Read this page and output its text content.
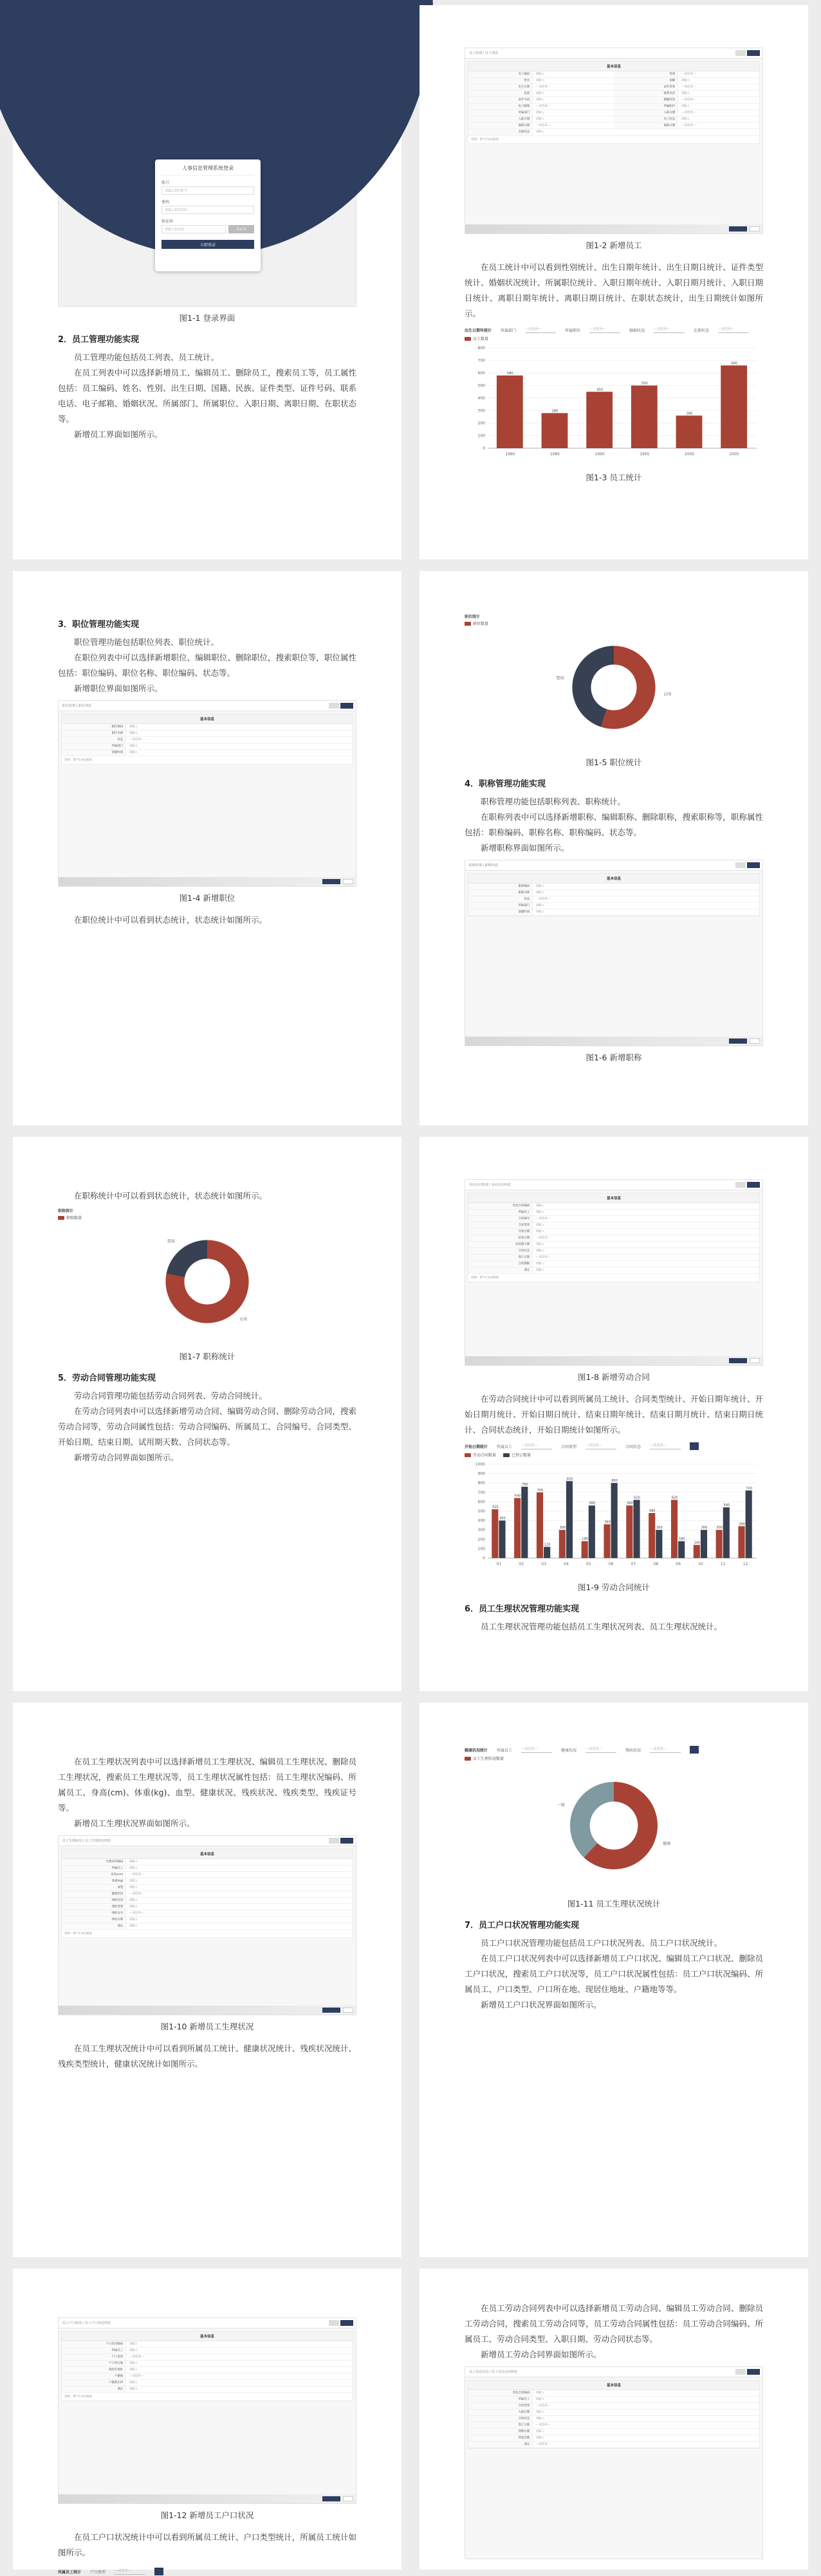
人事信息管理系统登录
账号
请输入您的账号
密码
请输入您的密码
验证码
请输入验证码	验证码
立即登录
图1-1 登录界面
2．员工管理功能实现
员工管理功能包括员工列表、员工统计。
在员工列表中可以选择新增员工、编辑员工、删除员工，搜索员工等，员工属性包括：员工编码、姓名、性别、出生日期、国籍、民族、证件类型、证件号码、联系电话、电子邮箱、婚姻状况、所属部门、所属职位、入职日期、离职日期、在职状态等。
新增员工界面如图所示。
员工管理 / 员工列表
基本信息
员工编码	请输入	性别	---请选择---
姓名	请输入	国籍	请输入
出生日期	---请选择---	证件类型	---请选择---
民族	请输入	联系电话	请输入
证件号码	请输入	婚姻状况	---请选择---
电子邮箱	---请选择---	所属职位	请输入
所属部门	请输入	入职日期	---请选择---
入职日期	请输入	员工状态	请输入
离职日期	---请选择---	离职日期	---请选择---
在职状态	请输入
说明：带*号为必填项
图1-2 新增员工
在员工统计中可以看到性别统计、出生日期年统计、出生日期日统计、证件类型统计、婚姻状况统计、所属职位统计、入职日期年统计、入职日期月统计、入职日期日统计、离职日期年统计、离职日期日统计、在职状态统计，出生日期统计如图所示。
出生日期年统计 所属部门	---请选择---	所属职位	---请选择---	婚姻状况	---请选择---	在职状态	---请选择---
员工数量
0
100
200
300
400
500
600
700
800
1980
580
1985
280
1990
450
1995
500
2000
260
2005
660
图1-3 员工统计
3．职位管理功能实现
职位管理功能包括职位列表、职位统计。
在职位列表中可以选择新增职位、编辑职位、删除职位，搜索职位等，职位属性包括：职位编码、职位名称、职位编码、状态等。
新增职位界面如图所示。
职位管理 / 职位列表
基本信息
职位编码	请输入
职位名称	请输入
状态	---请选择---
所属部门	请输入
创建时间	请输入
说明：带*号为必填项
图1-4 新增职位
在职位统计中可以看到状态统计，状态统计如图所示。
职位统计
职位数量
启用
禁用
图1-5 职位统计
4．职称管理功能实现
职称管理功能包括职称列表、职称统计。
在职称列表中可以选择新增职称、编辑职称、删除职称，搜索职称等，职称属性包括：职称编码、职称名称、职称编码、状态等。
新增职称界面如图所示。
职称管理 / 职称列表
基本信息
职称编码	请输入
职称名称	请输入
状态	---请选择---
所属部门	请输入
创建时间	请输入
图1-6 新增职称
在职称统计中可以看到状态统计，状态统计如图所示。
职称统计
职称数量
启用
禁用
图1-7 职称统计
5．劳动合同管理功能实现
劳动合同管理功能包括劳动合同列表、劳动合同统计。
在劳动合同列表中可以选择新增劳动合同、编辑劳动合同、删除劳动合同，搜索劳动合同等，劳动合同属性包括：劳动合同编码、所属员工、合同编号、合同类型、开始日期、结束日期、试用期天数、合同状态等。
新增劳动合同界面如图所示。
劳动合同管理 / 劳动合同列表
基本信息
劳动合同编码	请输入
所属员工	请输入
合同编号	---请选择---
合同类型	请输入
开始日期	请输入
结束日期	---请选择---
试用期天数	请输入
合同状态	请输入
签订日期	---请选择---
合同期限	请输入
备注	请输入
说明：带*号为必填项
图1-8 新增劳动合同
在劳动合同统计中可以看到所属员工统计、合同类型统计、开始日期年统计、开始日期月统计、开始日期日统计、结束日期年统计、结束日期月统计、结束日期日统计、合同状态统计，开始日期统计如图所示。
开始日期统计 所属员工	---请选择---	合同类型	---请选择---	合同状态	---请选择---
劳动合同数量	已签订数量
0
100
200
300
400
500
600
700
800
900
1000
01
520
400
02
640
760
03
700
120
04
300
820
05
180
560
06
360
800
07
560
620
08
480
300
09
620
180
10
140
300
11
300
540
12
340
720
图1-9 劳动合同统计
6．员工生理状况管理功能实现
员工生理状况管理功能包括员工生理状况列表、员工生理状况统计。
在员工生理状况列表中可以选择新增员工生理状况、编辑员工生理状况、删除员工生理状况，搜索员工生理状况等，员工生理状况属性包括：员工生理状况编码、所属员工、身高(cm)、体重(kg)、血型、健康状况、残疾状况、残疾类型、残疾证号等。
新增员工生理状况界面如图所示。
员工生理状况 / 员工生理状况列表
基本信息
生理状况编码	请输入
所属员工	请输入
身高(cm)	---请选择---
体重(kg)	请输入
血型	请输入
健康状况	---请选择---
残疾状况	请输入
残疾类型	请输入
残疾证号	---请选择---
体检日期	请输入
备注	请输入
说明：带*号为必填项
图1-10 新增员工生理状况
在员工生理状况统计中可以看到所属员工统计、健康状况统计、残疾状况统计、残疾类型统计，健康状况统计如图所示。
健康状况统计 所属员工	---请选择---	健康状况	---请选择---	残疾状况	---请选择---
员工生理状况数量
健康
一般
图1-11 员工生理状况统计
7．员工户口状况管理功能实现
员工户口状况管理功能包括员工户口状况列表、员工户口状况统计。
在员工户口状况列表中可以选择新增员工户口状况、编辑员工户口状况、删除员工户口状况，搜索员工户口状况等，员工户口状况属性包括：员工户口状况编码、所属员工、户口类型、户口所在地、现居住地址、户籍地等等。
新增员工户口状况界面如图所示。
员工户口状况 / 员工户口状况列表
基本信息
户口状况编码	请输入
所属员工	请输入
户口类型	---请选择---
户口所在地	请输入
现居住地址	请输入
户籍地	---请选择---
户籍派出所	请输入
备注	请输入
说明：带*号为必填项
图1-12 新增员工户口状况
在员工户口状况统计中可以看到所属员工统计、户口类型统计，所属员工统计如图所示。
所属员工统计 户口类型	---请选择---
在员工劳动合同列表中可以选择新增员工劳动合同、编辑员工劳动合同、删除员工劳动合同，搜索员工劳动合同等，员工劳动合同属性包括：员工劳动合同编码、所属员工、劳动合同类型、入职日期、劳动合同状态等。
新增员工劳动合同界面如图所示。
员工劳动合同 / 员工劳动合同列表
基本信息
劳动合同编码	请输入
所属员工	请输入
合同类型	---请选择---
入职日期	请输入
合同状态	请输入
签订日期	---请选择---
到期日期	请输入
续签次数	请输入
备注	---请选择---
